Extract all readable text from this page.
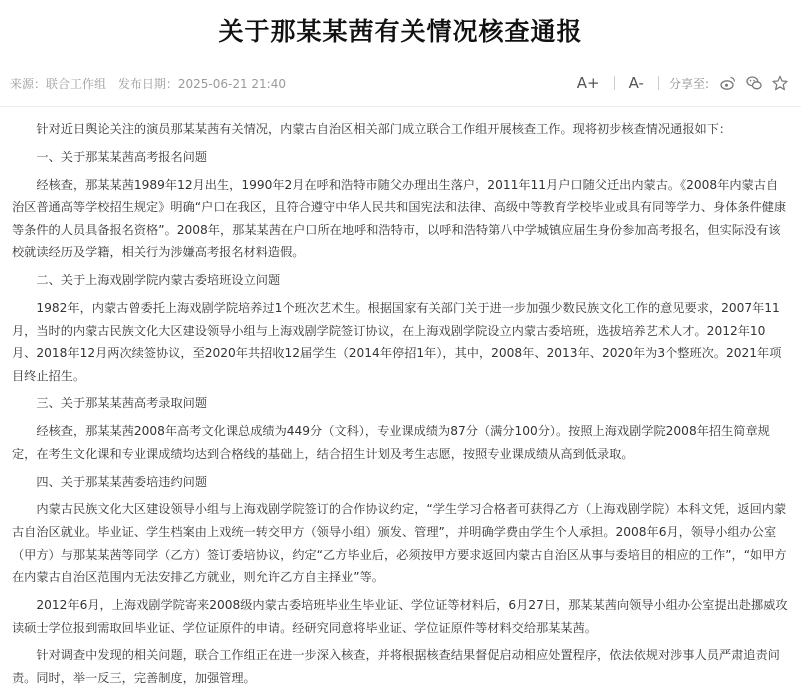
关于那某某茜有关情况核查通报
来源：联合工作组 发布日期：2025-06-21 21:40	A+ A-	分享至:

针对近日舆论关注的演员那某某茜有关情况，内蒙古自治区相关部门成立联合工作组开展核查工作。现将初步核查情况通报如下：

一、关于那某某茜高考报名问题

经核查，那某某茜1989年12月出生，1990年2月在呼和浩特市随父办理出生落户，2011年11月户口随父迁出内蒙古。《2008年内蒙古自治区普通高等学校招生规定》明确“户口在我区，且符合遵守中华人民共和国宪法和法律、高级中等教育学校毕业或具有同等学力、身体条件健康等条件的人员具备报名资格”。2008年，那某某茜在户口所在地呼和浩特市，以呼和浩特第八中学城镇应届生身份参加高考报名，但实际没有该校就读经历及学籍，相关行为涉嫌高考报名材料造假。

二、关于上海戏剧学院内蒙古委培班设立问题

1982年，内蒙古曾委托上海戏剧学院培养过1个班次艺术生。根据国家有关部门关于进一步加强少数民族文化工作的意见要求，2007年11月，当时的内蒙古民族文化大区建设领导小组与上海戏剧学院签订协议，在上海戏剧学院设立内蒙古委培班，选拔培养艺术人才。2012年10月、2018年12月两次续签协议，至2020年共招收12届学生（2014年停招1年），其中，2008年、2013年、2020年为3个整班次。2021年项目终止招生。

三、关于那某某茜高考录取问题

经核查，那某某茜2008年高考文化课总成绩为449分（文科），专业课成绩为87分（满分100分）。按照上海戏剧学院2008年招生简章规定，在考生文化课和专业课成绩均达到合格线的基础上，结合招生计划及考生志愿，按照专业课成绩从高到低录取。

四、关于那某某茜委培违约问题

内蒙古民族文化大区建设领导小组与上海戏剧学院签订的合作协议约定，“学生学习合格者可获得乙方（上海戏剧学院）本科文凭，返回内蒙古自治区就业。毕业证、学生档案由上戏统一转交甲方（领导小组）颁发、管理”，并明确学费由学生个人承担。2008年6月，领导小组办公室（甲方）与那某某茜等同学（乙方）签订委培协议，约定“乙方毕业后，必须按甲方要求返回内蒙古自治区从事与委培目的相应的工作”，“如甲方在内蒙古自治区范围内无法安排乙方就业，则允许乙方自主择业”等。

2012年6月，上海戏剧学院寄来2008级内蒙古委培班毕业生毕业证、学位证等材料后，6月27日，那某某茜向领导小组办公室提出赴挪威攻读硕士学位报到需取回毕业证、学位证原件的申请。经研究同意将毕业证、学位证原件等材料交给那某某茜。

针对调查中发现的相关问题，联合工作组正在进一步深入核查，并将根据核查结果督促启动相应处置程序，依法依规对涉事人员严肃追责问责。同时，举一反三，完善制度，加强管理。
